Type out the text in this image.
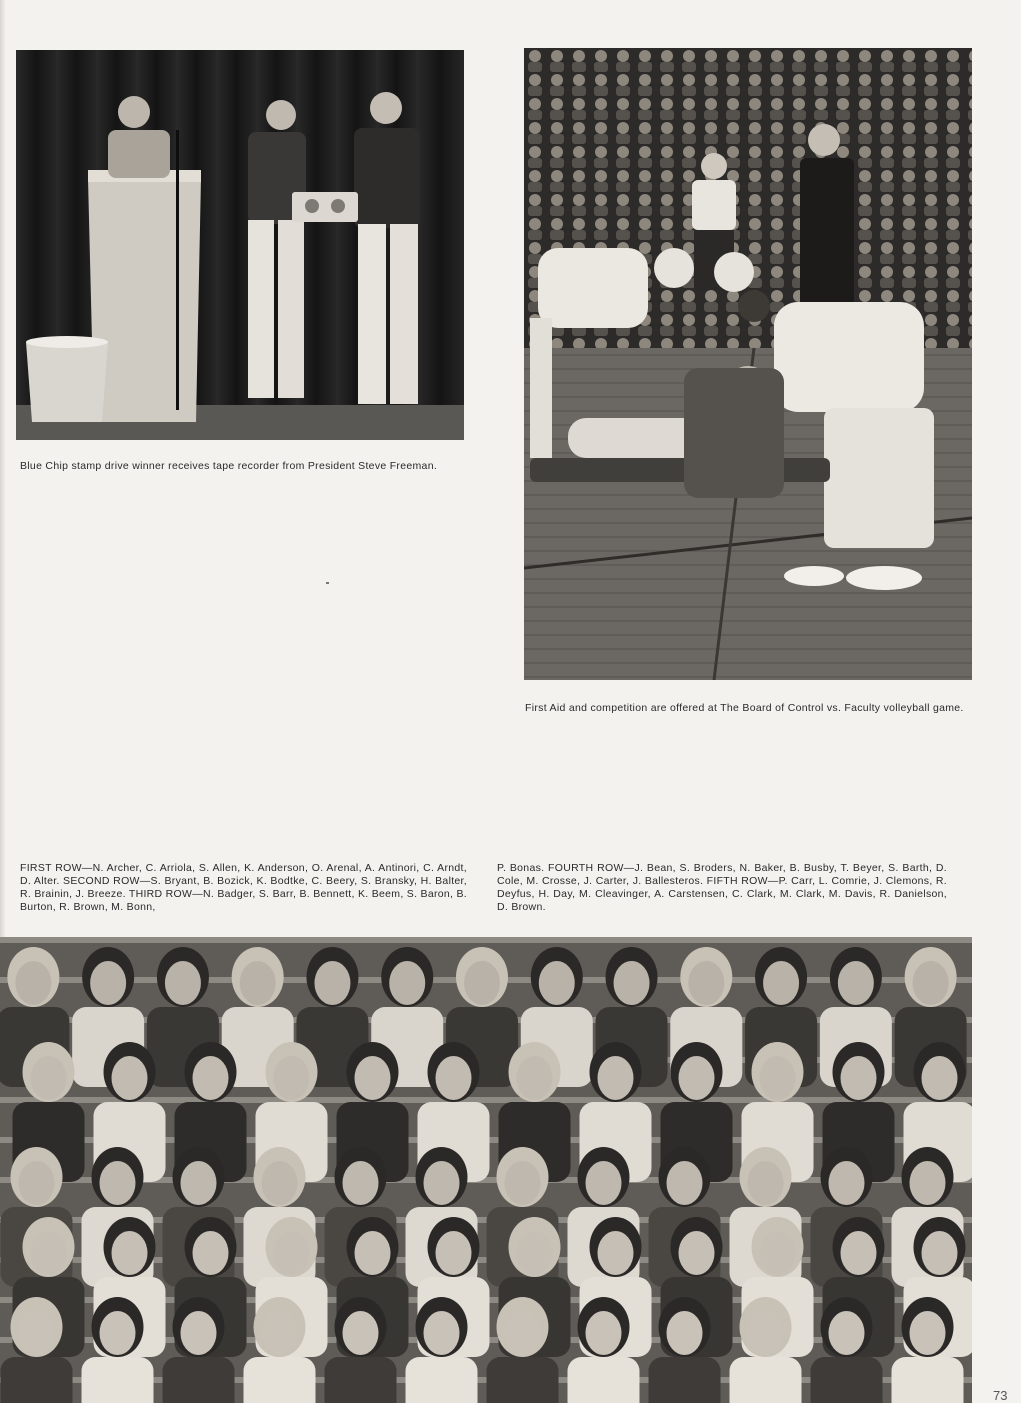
Blue Chip stamp drive winner receives tape recorder from President Steve Freeman.

First Aid and competition are offered at The Board of Control vs. Faculty volleyball game.

FIRST ROW—N. Archer, C. Arriola, S. Allen, K. Anderson, O. Arenal, A. Antinori, C. Arndt, D. Alter. SECOND ROW—S. Bryant, B. Bozick, K. Bodtke, C. Beery, S. Bransky, H. Balter, R. Brainin, J. Breeze. THIRD ROW—N. Badger, S. Barr, B. Bennett, K. Beem, S. Baron, B. Burton, R. Brown, M. Bonn,

P. Bonas. FOURTH ROW—J. Bean, S. Broders, N. Baker, B. Busby, T. Beyer, S. Barth, D. Cole, M. Crosse, J. Carter, J. Ballesteros. FIFTH ROW—P. Carr, L. Comrie, J. Clemons, R. Deyfus, H. Day, M. Cleavinger, A. Carstensen, C. Clark, M. Clark, M. Davis, R. Danielson, D. Brown.

73
